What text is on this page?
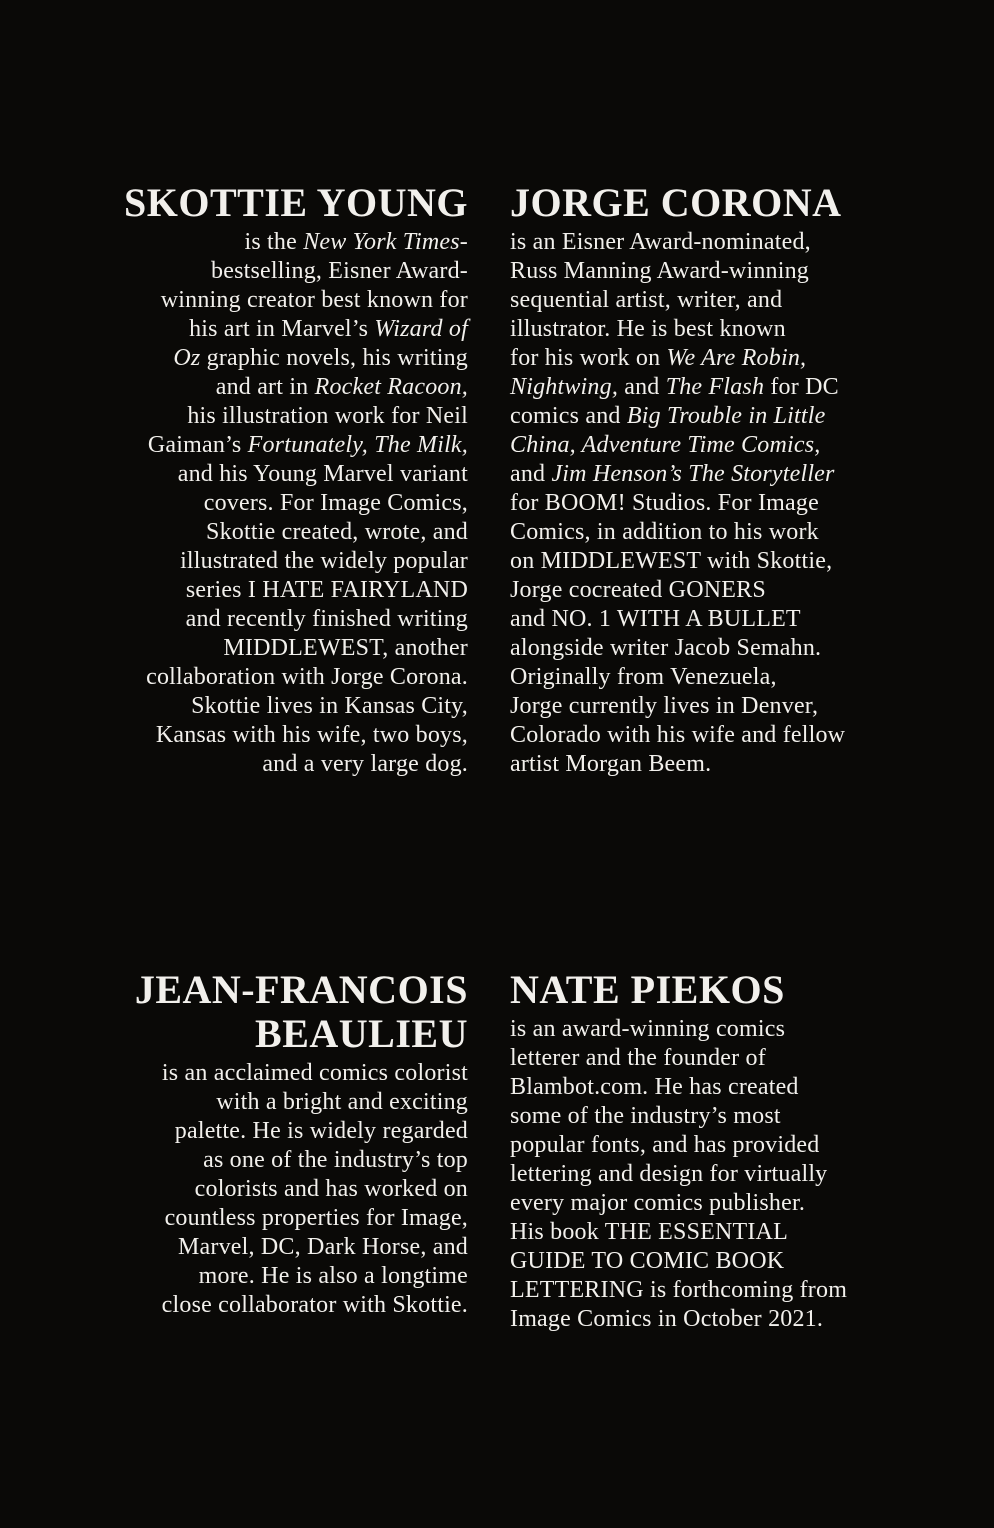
SKOTTIE YOUNG
is the New York Times-
bestselling, Eisner Award-
winning creator best known for
his art in Marvel’s Wizard of
Oz graphic novels, his writing
and art in Rocket Racoon,
his illustration work for Neil
Gaiman’s Fortunately, The Milk,
and his Young Marvel variant
covers. For Image Comics,
Skottie created, wrote, and
illustrated the widely popular
series I HATE FAIRYLAND
and recently finished writing
MIDDLEWEST, another
collaboration with Jorge Corona.
Skottie lives in Kansas City,
Kansas with his wife, two boys,
and a very large dog.
JORGE CORONA
is an Eisner Award-nominated,
Russ Manning Award-winning
sequential artist, writer, and
illustrator. He is best known
for his work on We Are Robin,
Nightwing, and The Flash for DC
comics and Big Trouble in Little
China, Adventure Time Comics,
and Jim Henson’s The Storyteller
for BOOM! Studios. For Image
Comics, in addition to his work
on MIDDLEWEST with Skottie,
Jorge cocreated GONERS
and NO. 1 WITH A BULLET
alongside writer Jacob Semahn.
Originally from Venezuela,
Jorge currently lives in Denver,
Colorado with his wife and fellow
artist Morgan Beem.
JEAN-FRANCOIS
BEAULIEU
is an acclaimed comics colorist
with a bright and exciting
palette. He is widely regarded
as one of the industry’s top
colorists and has worked on
countless properties for Image,
Marvel, DC, Dark Horse, and
more. He is also a longtime
close collaborator with Skottie.
NATE PIEKOS
is an award-winning comics
letterer and the founder of
Blambot.com. He has created
some of the industry’s most
popular fonts, and has provided
lettering and design for virtually
every major comics publisher.
His book THE ESSENTIAL
GUIDE TO COMIC BOOK
LETTERING is forthcoming from
Image Comics in October 2021.
